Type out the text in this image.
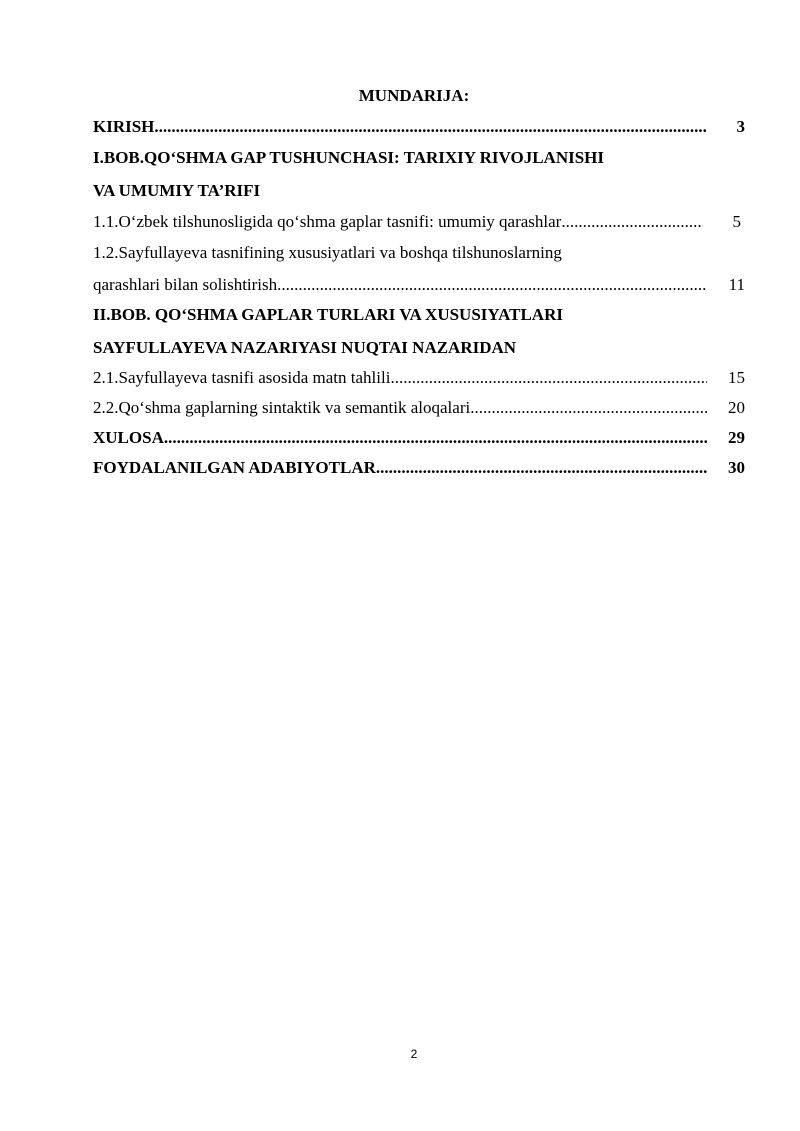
MUNDARIJA:
KIRISH .....	3
I.BOB.QO‘SHMA GAP TUSHUNCHASI: TARIXIY RIVOJLANISHI
VA UMUMIY TA’RIFI
1.1.O‘zbek tilshunosligida qo‘shma gaplar tasnifi: umumiy qarashlar .....	5
1.2.Sayfullayeva tasnifining xususiyatlari va boshqa tilshunoslarning
qarashlari bilan solishtirish .....	11
II.BOB. QO‘SHMA GAPLAR TURLARI VA XUSUSIYATLARI
SAYFULLAYEVA NAZARIYASI NUQTAI NAZARIDAN
2.1.Sayfullayeva tasnifi asosida matn tahlili .....	15
2.2.Qo‘shma gaplarning sintaktik va semantik aloqalari .....	20
XULOSA .....	29
FOYDALANILGAN ADABIYOTLAR .....	30
2
